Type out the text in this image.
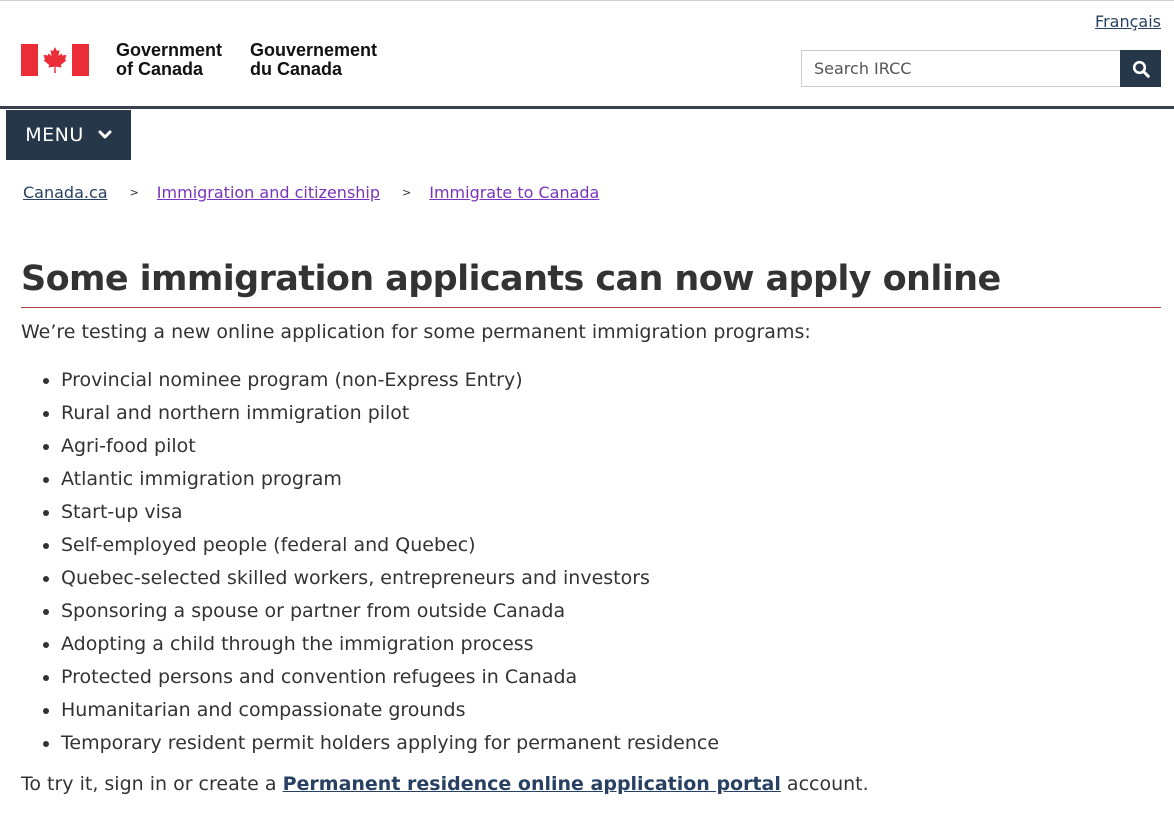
Français
Government
of Canada
Gouvernement
du Canada
Search IRCC
MENU
Canada.ca > Immigration and citizenship > Immigrate to Canada
Some immigration applicants can now apply online

We’re testing a new online application for some permanent immigration programs:

• Provincial nominee program (non-Express Entry)
• Rural and northern immigration pilot
• Agri-food pilot
• Atlantic immigration program
• Start-up visa
• Self-employed people (federal and Quebec)
• Quebec-selected skilled workers, entrepreneurs and investors
• Sponsoring a spouse or partner from outside Canada
• Adopting a child through the immigration process
• Protected persons and convention refugees in Canada
• Humanitarian and compassionate grounds
• Temporary resident permit holders applying for permanent residence

To try it, sign in or create a Permanent residence online application portal account.
